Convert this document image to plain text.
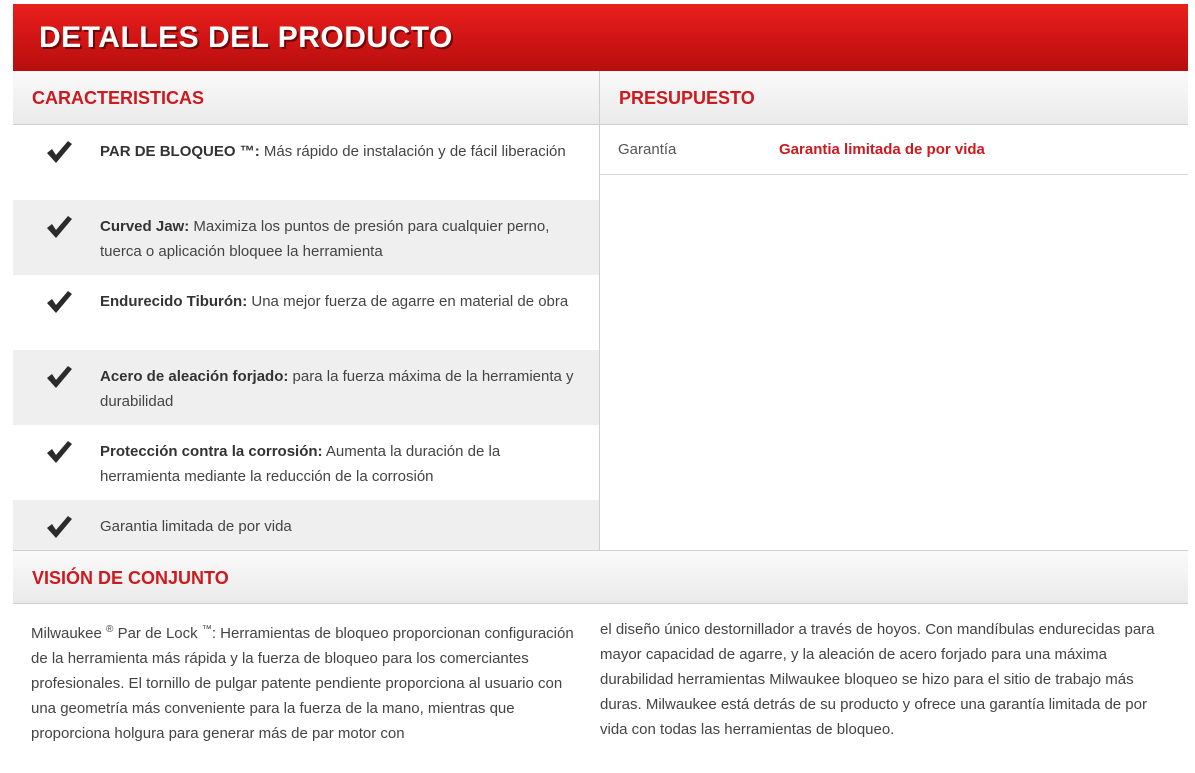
DETALLES DEL PRODUCTO
CARACTERISTICAS	PRESUPUESTO
PAR DE BLOQUEO ™: Más rápido de instalación y de fácil liberación
Curved Jaw: Maximiza los puntos de presión para cualquier perno, tuerca o aplicación bloquee la herramienta
Endurecido Tiburón: Una mejor fuerza de agarre en material de obra
Acero de aleación forjado: para la fuerza máxima de la herramienta y durabilidad
Protección contra la corrosión: Aumenta la duración de la herramienta mediante la reducción de la corrosión
Garantia limitada de por vida
Garantía	Garantia limitada de por vida
VISIÓN DE CONJUNTO
Milwaukee ® Par de Lock ™: Herramientas de bloqueo proporcionan configuración de la herramienta más rápida y la fuerza de bloqueo para los comerciantes profesionales. El tornillo de pulgar patente pendiente proporciona al usuario con una geometría más conveniente para la fuerza de la mano, mientras que proporciona holgura para generar más de par motor con
el diseño único destornillador a través de hoyos. Con mandíbulas endurecidas para mayor capacidad de agarre, y la aleación de acero forjado para una máxima durabilidad herramientas Milwaukee bloqueo se hizo para el sitio de trabajo más duras. Milwaukee está detrás de su producto y ofrece una garantía limitada de por vida con todas las herramientas de bloqueo.
